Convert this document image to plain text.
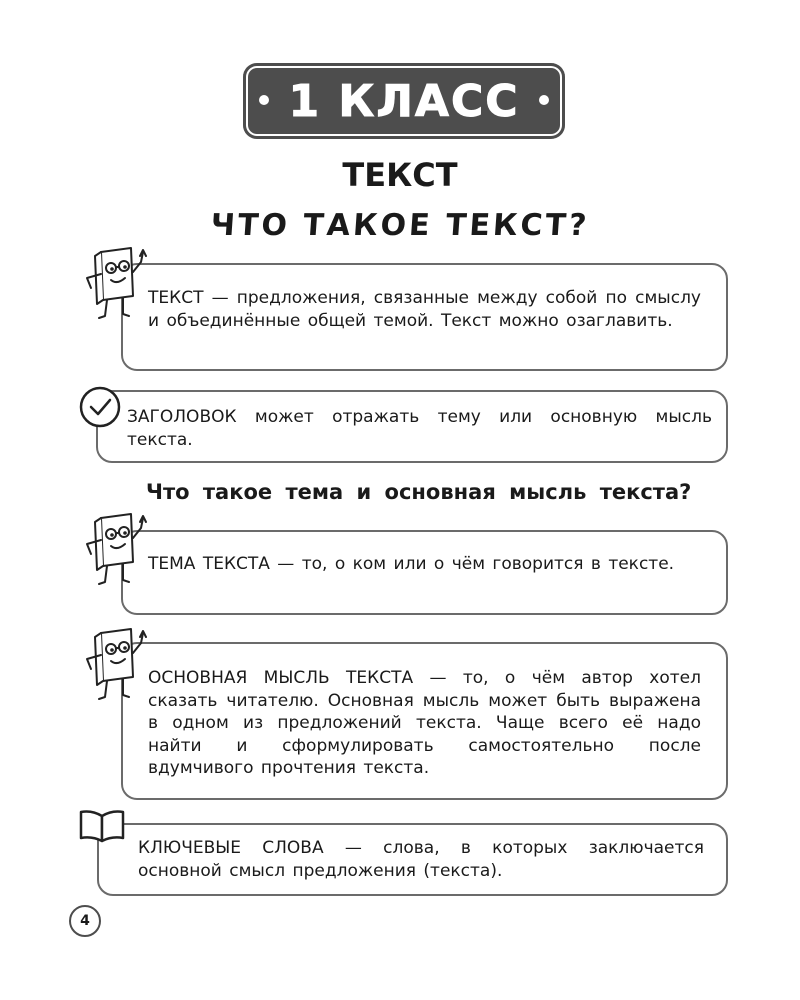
1 КЛАСС
ТЕКСТ
ЧТО ТАКОЕ ТЕКСТ?

ТЕКСТ — предложения, связанные между собой по смыслу и объединённые общей темой. Текст можно озаглавить.

ЗАГОЛОВОК может отражать тему или основную мысль текста.

Что такое тема и основная мысль текста?

ТЕМА ТЕКСТА — то, о ком или о чём говорится в тексте.

ОСНОВНАЯ МЫСЛЬ ТЕКСТА — то, о чём автор хотел сказать читателю. Основная мысль может быть выражена в одном из предложений текста. Чаще всего её надо найти и сформулировать самостоятельно после вдумчивого прочтения текста.

КЛЮЧЕВЫЕ СЛОВА — слова, в которых заключается основной смысл предложения (текста).

4
